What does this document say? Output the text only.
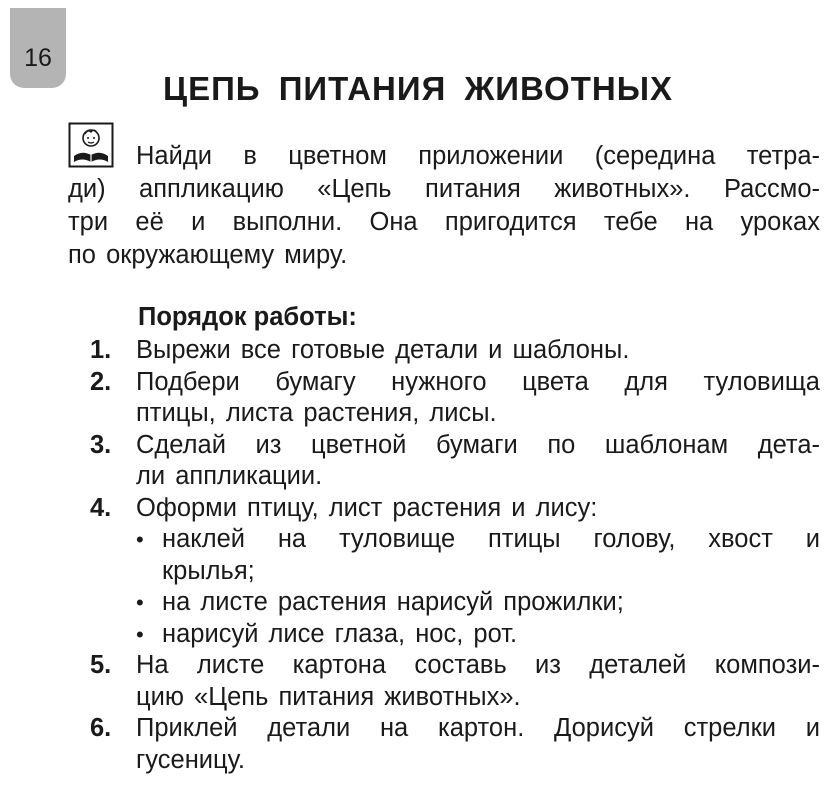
16
ЦЕПЬ ПИТАНИЯ ЖИВОТНЫХ
Найди в цветном приложении (середина тетра-
ди) аппликацию «Цепь питания животных». Рассмо-
три её и выполни. Она пригодится тебе на уроках
по окружающему миру.
Порядок работы:
1. Вырежи все готовые детали и шаблоны.
2. Подбери бумагу нужного цвета для туловища
птицы, листа растения, лисы.
3. Сделай из цветной бумаги по шаблонам дета-
ли аппликации.
4. Оформи птицу, лист растения и лису:
• наклей на туловище птицы голову, хвост и
крылья;
• на листе растения нарисуй прожилки;
• нарисуй лисе глаза, нос, рот.
5. На листе картона составь из деталей компози-
цию «Цепь питания животных».
6. Приклей детали на картон. Дорисуй стрелки и
гусеницу.
